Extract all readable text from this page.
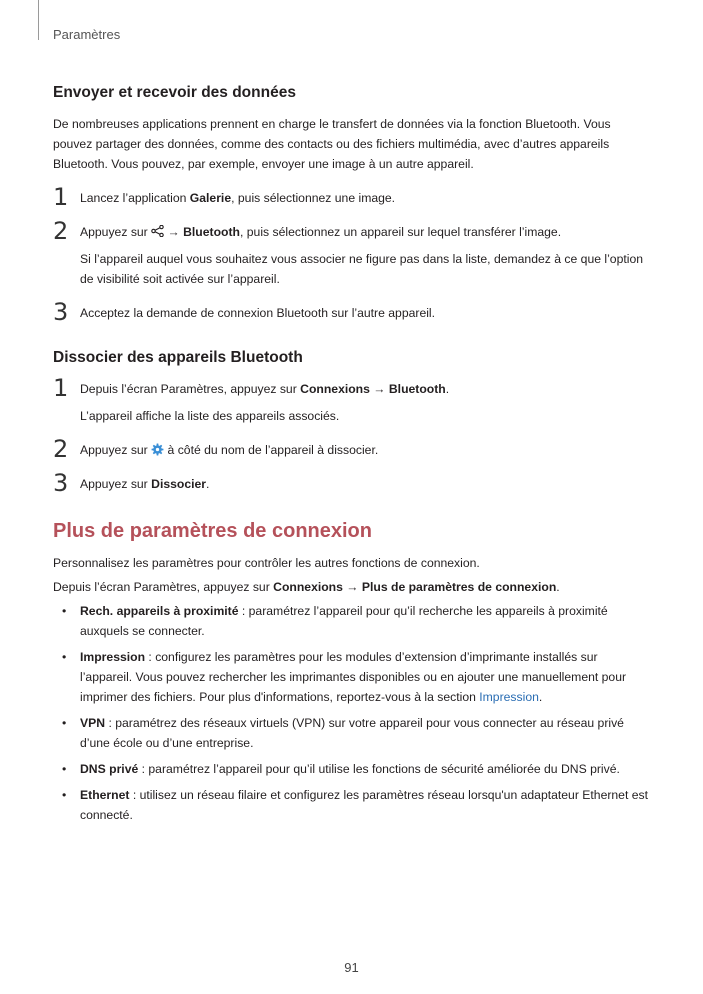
Paramètres
Envoyer et recevoir des données

De nombreuses applications prennent en charge le transfert de données via la fonction Bluetooth. Vous pouvez partager des données, comme des contacts ou des fichiers multimédia, avec d’autres appareils Bluetooth. Vous pouvez, par exemple, envoyer une image à un autre appareil.

1 Lancez l’application Galerie, puis sélectionnez une image.

2 Appuyez sur  → Bluetooth, puis sélectionnez un appareil sur lequel transférer l’image.

Si l’appareil auquel vous souhaitez vous associer ne figure pas dans la liste, demandez à ce que l’option de visibilité soit activée sur l’appareil.

3 Acceptez la demande de connexion Bluetooth sur l’autre appareil.

Dissocier des appareils Bluetooth
1 Depuis l’écran Paramètres, appuyez sur Connexions → Bluetooth.

L’appareil affiche la liste des appareils associés.

2 Appuyez sur  à côté du nom de l’appareil à dissocier.

3 Appuyez sur Dissocier.

Plus de paramètres de connexion

Personnalisez les paramètres pour contrôler les autres fonctions de connexion.

Depuis l’écran Paramètres, appuyez sur Connexions → Plus de paramètres de connexion.

• Rech. appareils à proximité : paramétrez l’appareil pour qu’il recherche les appareils à proximité auxquels se connecter.
• Impression : configurez les paramètres pour les modules d’extension d’imprimante installés sur l’appareil. Vous pouvez rechercher les imprimantes disponibles ou en ajouter une manuellement pour imprimer des fichiers. Pour plus d'informations, reportez-vous à la section Impression.
• VPN : paramétrez des réseaux virtuels (VPN) sur votre appareil pour vous connecter au réseau privé d’une école ou d’une entreprise.
• DNS privé : paramétrez l’appareil pour qu’il utilise les fonctions de sécurité améliorée du DNS privé.
• Ethernet : utilisez un réseau filaire et configurez les paramètres réseau lorsqu'un adaptateur Ethernet est connecté.
91
